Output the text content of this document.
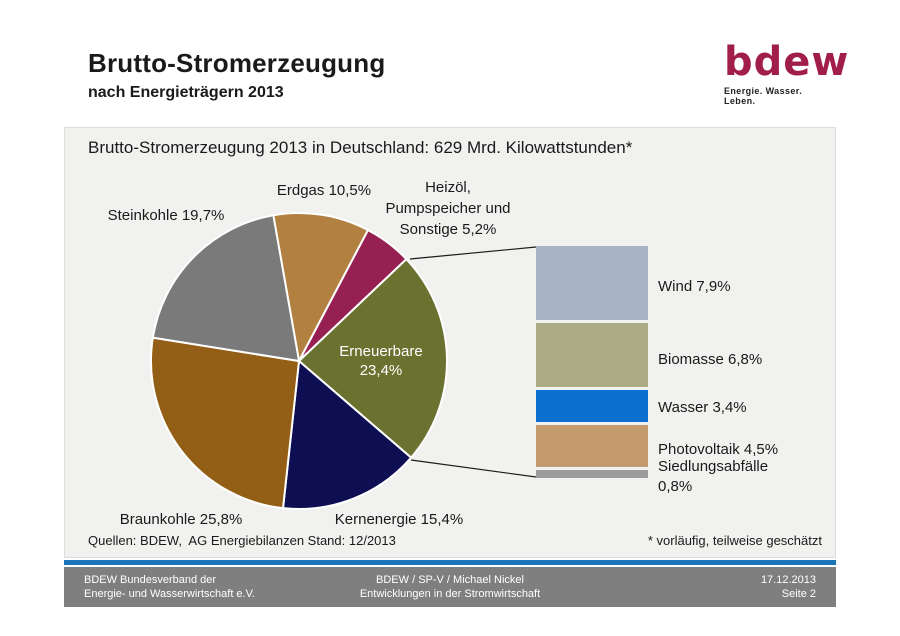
Brutto-Stromerzeugung
nach Energieträgern 2013
bdew
Energie. Wasser. Leben.
Brutto-Stromerzeugung 2013 in Deutschland: 629 Mrd. Kilowattstunden*
Steinkohle 19,7%
Erdgas 10,5%	Heizöl,
Pumpspeicher und
Sonstige 5,2%
Braunkohle 25,8%	Kernenergie 15,4%
Erneuerbare
23,4%
Wind 7,9%
Biomasse 6,8%
Wasser 3,4%
Photovoltaik 4,5%
Siedlungsabfälle
0,8%
Quellen: BDEW,  AG Energiebilanzen Stand: 12/2013	* vorläufig, teilweise geschätzt
BDEW Bundesverband der
Energie- und Wasserwirtschaft e.V.
BDEW / SP-V / Michael Nickel
Entwicklungen in der Stromwirtschaft
17.12.2013
Seite 2
